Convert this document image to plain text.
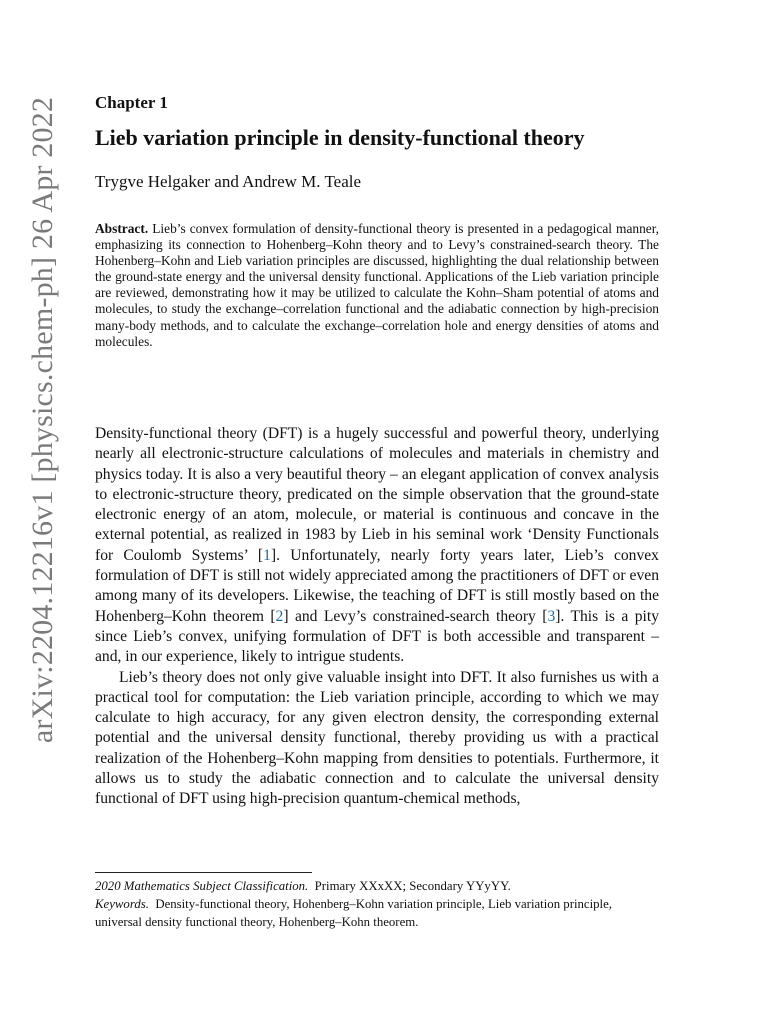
arXiv:2204.12216v1 [physics.chem-ph] 26 Apr 2022 Chapter 1
Lieb variation principle in density-functional theory
Trygve Helgaker and Andrew M. Teale

Abstract. Lieb’s convex formulation of density-functional theory is presented in a pedagogical manner, emphasizing its connection to Hohenberg–Kohn theory and to Levy’s constrained-search theory. The Hohenberg–Kohn and Lieb variation principles are discussed, highlighting the dual relationship between the ground-state energy and the universal density functional. Applications of the Lieb variation principle are reviewed, demonstrating how it may be utilized to calculate the Kohn–Sham potential of atoms and molecules, to study the exchange–correlation functional and the adiabatic connection by high-precision many-body methods, and to calculate the exchange–correlation hole and energy densities of atoms and molecules.

Density-functional theory (DFT) is a hugely successful and powerful theory, underlying nearly all electronic-structure calculations of molecules and materials in chemistry and physics today. It is also a very beautiful theory – an elegant application of convex analysis to electronic-structure theory, predicated on the simple observation that the ground-state electronic energy of an atom, molecule, or material is continuous and concave in the external potential, as realized in 1983 by Lieb in his seminal work ‘Density Functionals for Coulomb Systems’ [1]. Unfortunately, nearly forty years later, Lieb’s convex formulation of DFT is still not widely appreciated among the practitioners of DFT or even among many of its developers. Likewise, the teaching of DFT is still mostly based on the Hohenberg–Kohn theorem [2] and Levy’s constrained-search theory [3]. This is a pity since Lieb’s convex, unifying formulation of DFT is both accessible and transparent – and, in our experience, likely to intrigue students.

Lieb’s theory does not only give valuable insight into DFT. It also furnishes us with a practical tool for computation: the Lieb variation principle, according to which we may calculate to high accuracy, for any given electron density, the corresponding external potential and the universal density functional, thereby providing us with a practical realization of the Hohenberg–Kohn mapping from densities to potentials. Furthermore, it allows us to study the adiabatic connection and to calculate the universal density functional of DFT using high-precision quantum-chemical methods,

2020 Mathematics Subject Classification. Primary XXxXX; Secondary YYyYY.

Keywords. Density-functional theory, Hohenberg–Kohn variation principle, Lieb variation principle, universal density functional theory, Hohenberg–Kohn theorem.
